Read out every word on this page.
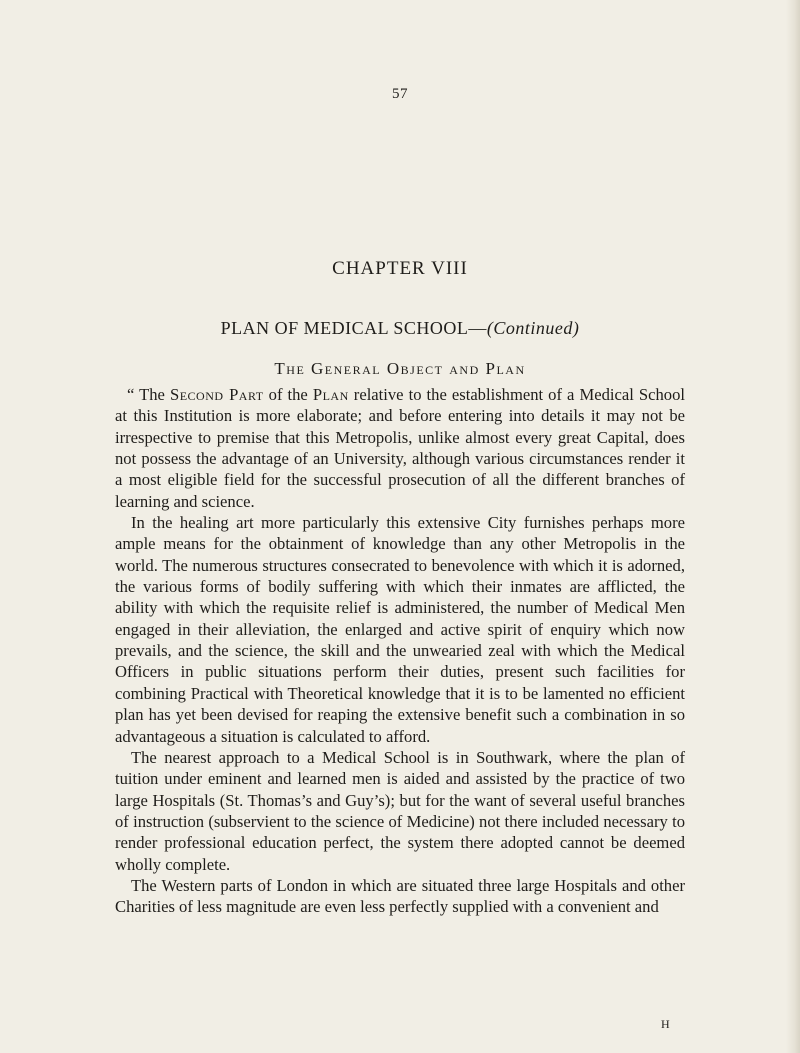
57
CHAPTER VIII
PLAN OF MEDICAL SCHOOL—(Continued)
The General Object and Plan

“ The Second Part of the Plan relative to the establishment of a Medical School at this Institution is more elaborate; and before entering into details it may not be irrespective to premise that this Metropolis, unlike almost every great Capital, does not possess the advantage of an University, although various circumstances render it a most eligible field for the successful prosecution of all the different branches of learning and science.

In the healing art more particularly this extensive City furnishes perhaps more ample means for the obtainment of knowledge than any other Metropolis in the world. The numerous structures consecrated to benevolence with which it is adorned, the various forms of bodily suffering with which their inmates are afflicted, the ability with which the requisite relief is administered, the number of Medical Men engaged in their alleviation, the enlarged and active spirit of enquiry which now prevails, and the science, the skill and the unwearied zeal with which the Medical Officers in public situations perform their duties, present such facilities for combining Practical with Theoretical knowledge that it is to be lamented no efficient plan has yet been devised for reaping the extensive benefit such a combination in so advantageous a situation is calculated to afford.

The nearest approach to a Medical School is in Southwark, where the plan of tuition under eminent and learned men is aided and assisted by the practice of two large Hospitals (St. Thomas’s and Guy’s); but for the want of several useful branches of instruction (subservient to the science of Medicine) not there included necessary to render professional education perfect, the system there adopted cannot be deemed wholly complete.

The Western parts of London in which are situated three large Hospitals and other Charities of less magnitude are even less perfectly supplied with a convenient and

H
